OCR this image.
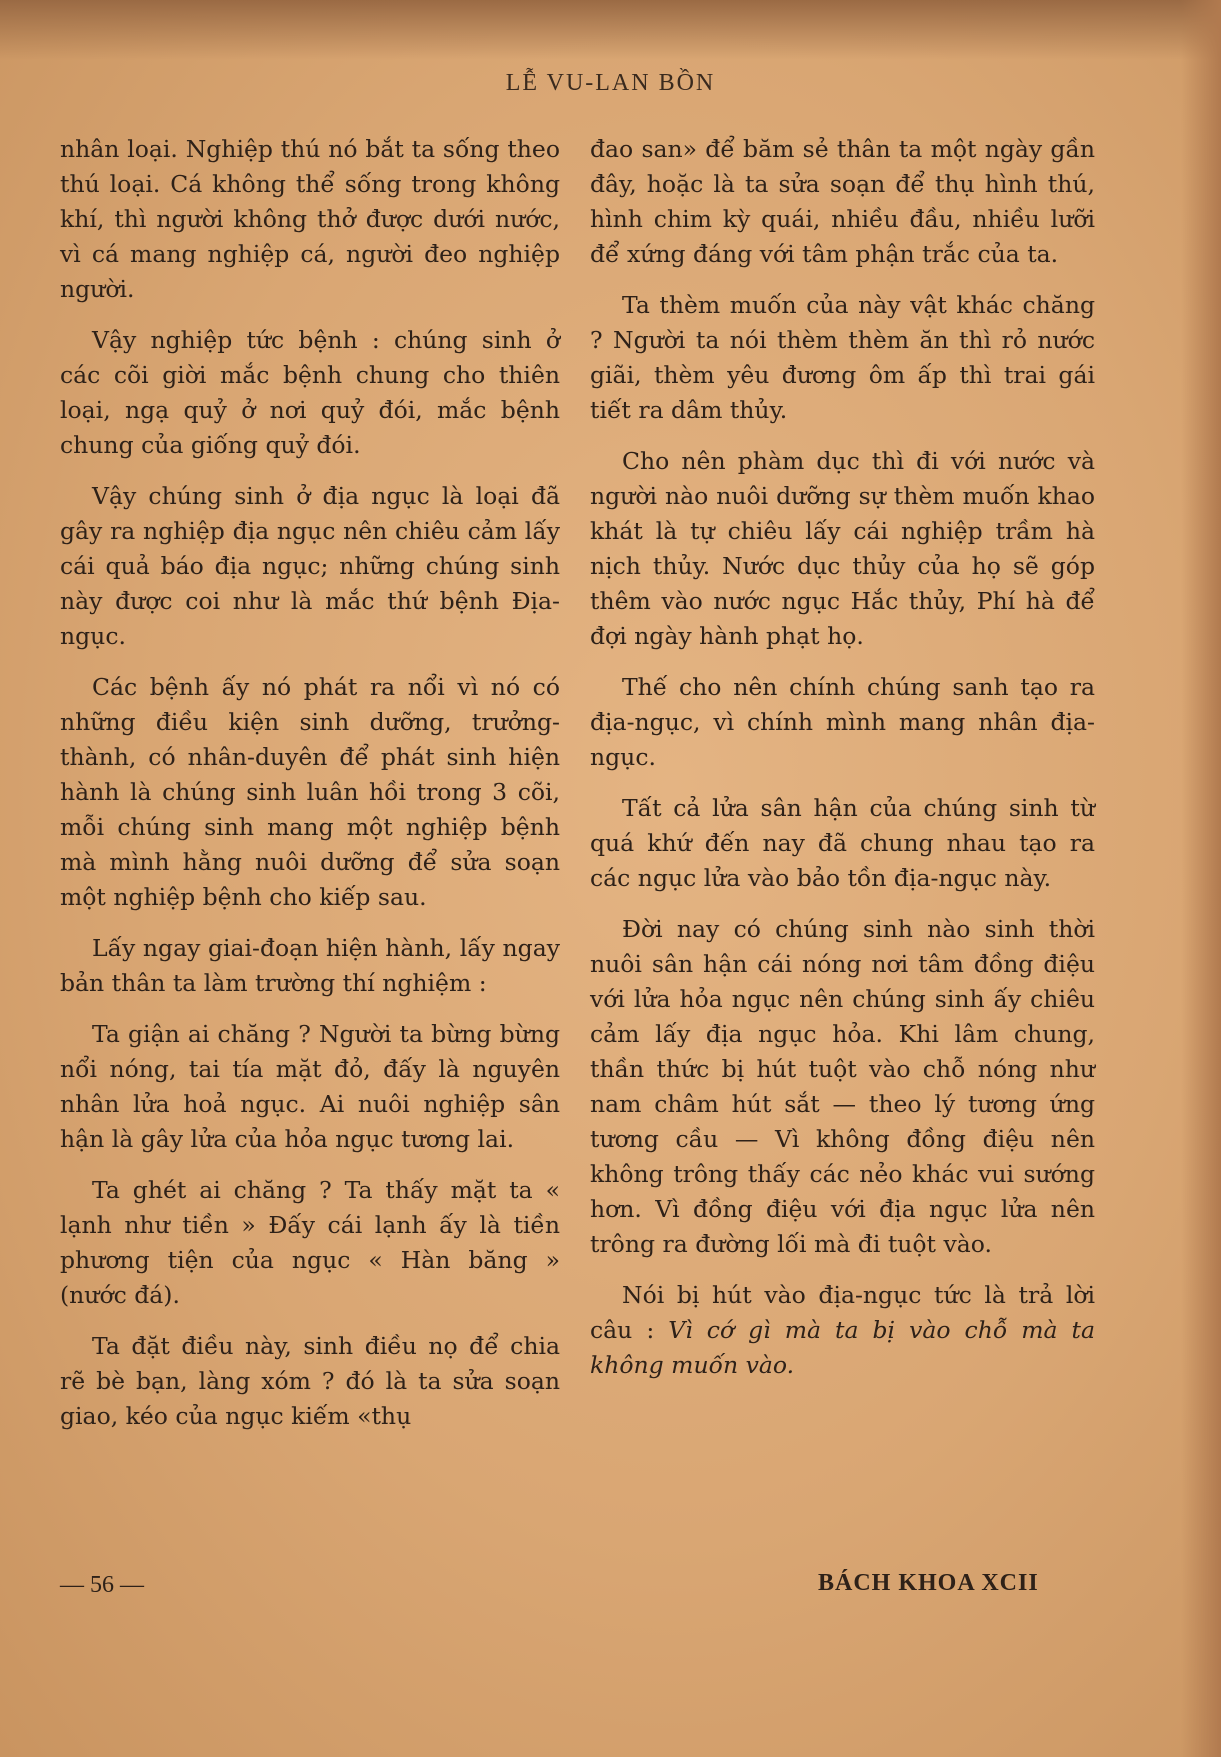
LỄ VU-LAN BỒN

nhân loại. Nghiệp thú nó bắt ta sống theo thú loại. Cá không thể sống trong không khí, thì người không thở được dưới nước, vì cá mang nghiệp cá, người đeo nghiệp người.

Vậy nghiệp tức bệnh : chúng sinh ở các cõi giời mắc bệnh chung cho thiên loại, ngạ quỷ ở nơi quỷ đói, mắc bệnh chung của giống quỷ đói.

Vậy chúng sinh ở địa ngục là loại đã gây ra nghiệp địa ngục nên chiêu cảm lấy cái quả báo địa ngục; những chúng sinh này được coi như là mắc thứ bệnh Địa-ngục.

Các bệnh ấy nó phát ra nổi vì nó có những điều kiện sinh dưỡng, trưởng-thành, có nhân-duyên để phát sinh hiện hành là chúng sinh luân hồi trong 3 cõi, mỗi chúng sinh mang một nghiệp bệnh mà mình hằng nuôi dưỡng để sửa soạn một nghiệp bệnh cho kiếp sau.

Lấy ngay giai-đoạn hiện hành, lấy ngay bản thân ta làm trường thí nghiệm :

Ta giận ai chăng ? Người ta bừng bừng nổi nóng, tai tía mặt đỏ, đấy là nguyên nhân lửa hoả ngục. Ai nuôi nghiệp sân hận là gây lửa của hỏa ngục tương lai.

Ta ghét ai chăng ? Ta thấy mặt ta « lạnh như tiền » Đấy cái lạnh ấy là tiền phương tiện của ngục « Hàn băng » (nước đá).

Ta đặt điều này, sinh điều nọ để chia rẽ bè bạn, làng xóm ? đó là ta sửa soạn giao, kéo của ngục kiếm «thụ

đao san» để băm sẻ thân ta một ngày gần đây, hoặc là ta sửa soạn để thụ hình thú, hình chim kỳ quái, nhiều đầu, nhiều lưỡi để xứng đáng với tâm phận trắc của ta.

Ta thèm muốn của này vật khác chăng ? Người ta nói thèm thèm ăn thì rỏ nước giãi, thèm yêu đương ôm ấp thì trai gái tiết ra dâm thủy.

Cho nên phàm dục thì đi với nước và người nào nuôi dưỡng sự thèm muốn khao khát là tự chiêu lấy cái nghiệp trầm hà nịch thủy. Nước dục thủy của họ sẽ góp thêm vào nước ngục Hắc thủy, Phí hà để đợi ngày hành phạt họ.

Thế cho nên chính chúng sanh tạo ra địa-ngục, vì chính mình mang nhân địa-ngục.

Tất cả lửa sân hận của chúng sinh từ quá khứ đến nay đã chung nhau tạo ra các ngục lửa vào bảo tồn địa-ngục này.

Đời nay có chúng sinh nào sinh thời nuôi sân hận cái nóng nơi tâm đồng điệu với lửa hỏa ngục nên chúng sinh ấy chiêu cảm lấy địa ngục hỏa. Khi lâm chung, thần thức bị hút tuột vào chỗ nóng như nam châm hút sắt — theo lý tương ứng tương cầu — Vì không đồng điệu nên không trông thấy các nẻo khác vui sướng hơn. Vì đồng điệu với địa ngục lửa nên trông ra đường lối mà đi tuột vào.

Nói bị hút vào địa-ngục tức là trả lời câu : Vì cớ gì mà ta bị vào chỗ mà ta không muốn vào.

— 56 —	BÁCH KHOA XCII
